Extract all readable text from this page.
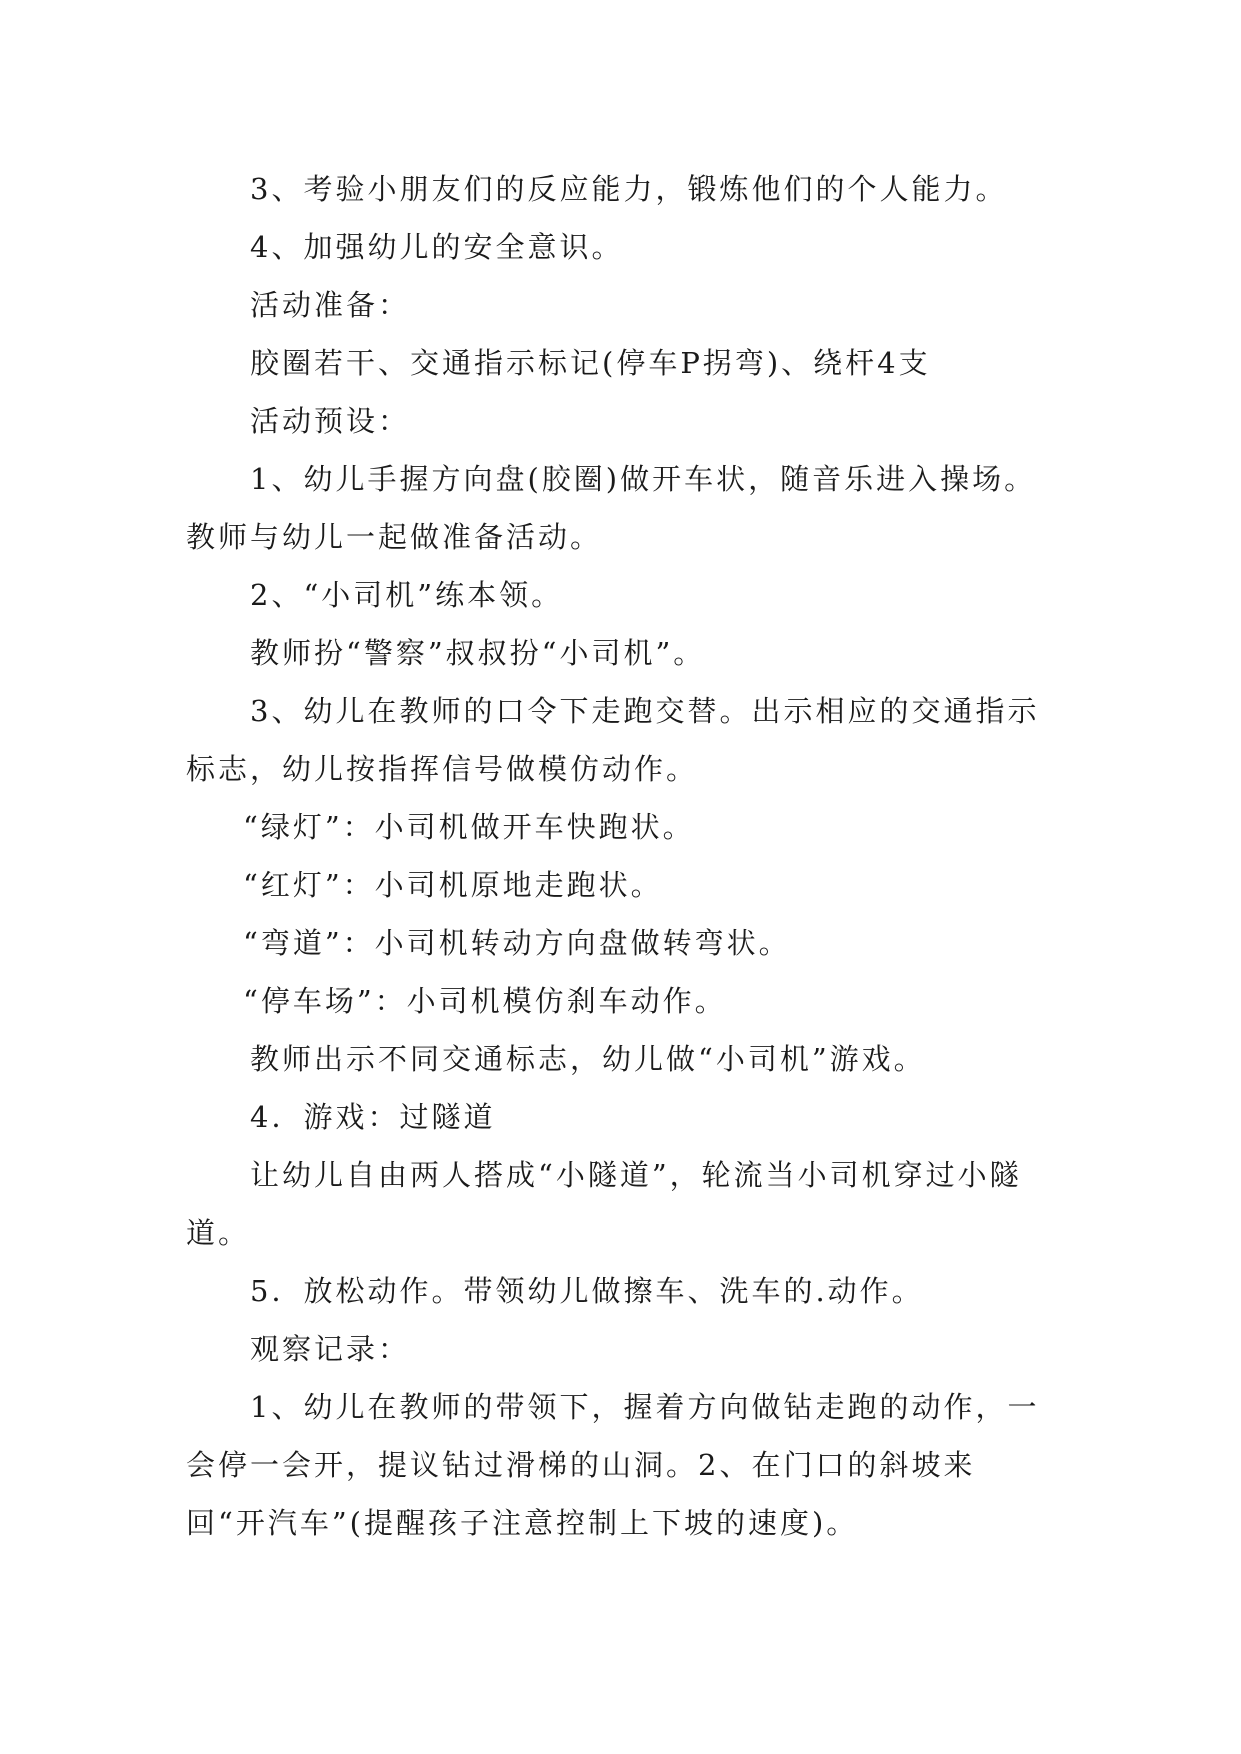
3、考验小朋友们的反应能力，锻炼他们的个人能力。

4、加强幼儿的安全意识。

活动准备：

胶圈若干、交通指示标记(停车P拐弯)、绕杆4支

活动预设：

1、幼儿手握方向盘(胶圈)做开车状，随音乐进入操场。教师与幼儿一起做准备活动。

2、“小司机”练本领。

教师扮“警察”叔叔扮“小司机”。

3、幼儿在教师的口令下走跑交替。出示相应的交通指示标志，幼儿按指挥信号做模仿动作。

“绿灯”：小司机做开车快跑状。

“红灯”：小司机原地走跑状。

“弯道”：小司机转动方向盘做转弯状。

“停车场”：小司机模仿刹车动作。

教师出示不同交通标志，幼儿做“小司机”游戏。

4．游戏：过隧道

让幼儿自由两人搭成“小隧道”，轮流当小司机穿过小隧道。

5．放松动作。带领幼儿做擦车、洗车的.动作。

观察记录：

1、幼儿在教师的带领下，握着方向做钻走跑的动作，一会停一会开，提议钻过滑梯的山洞。2、在门口的斜坡来回“开汽车”(提醒孩子注意控制上下坡的速度)。
